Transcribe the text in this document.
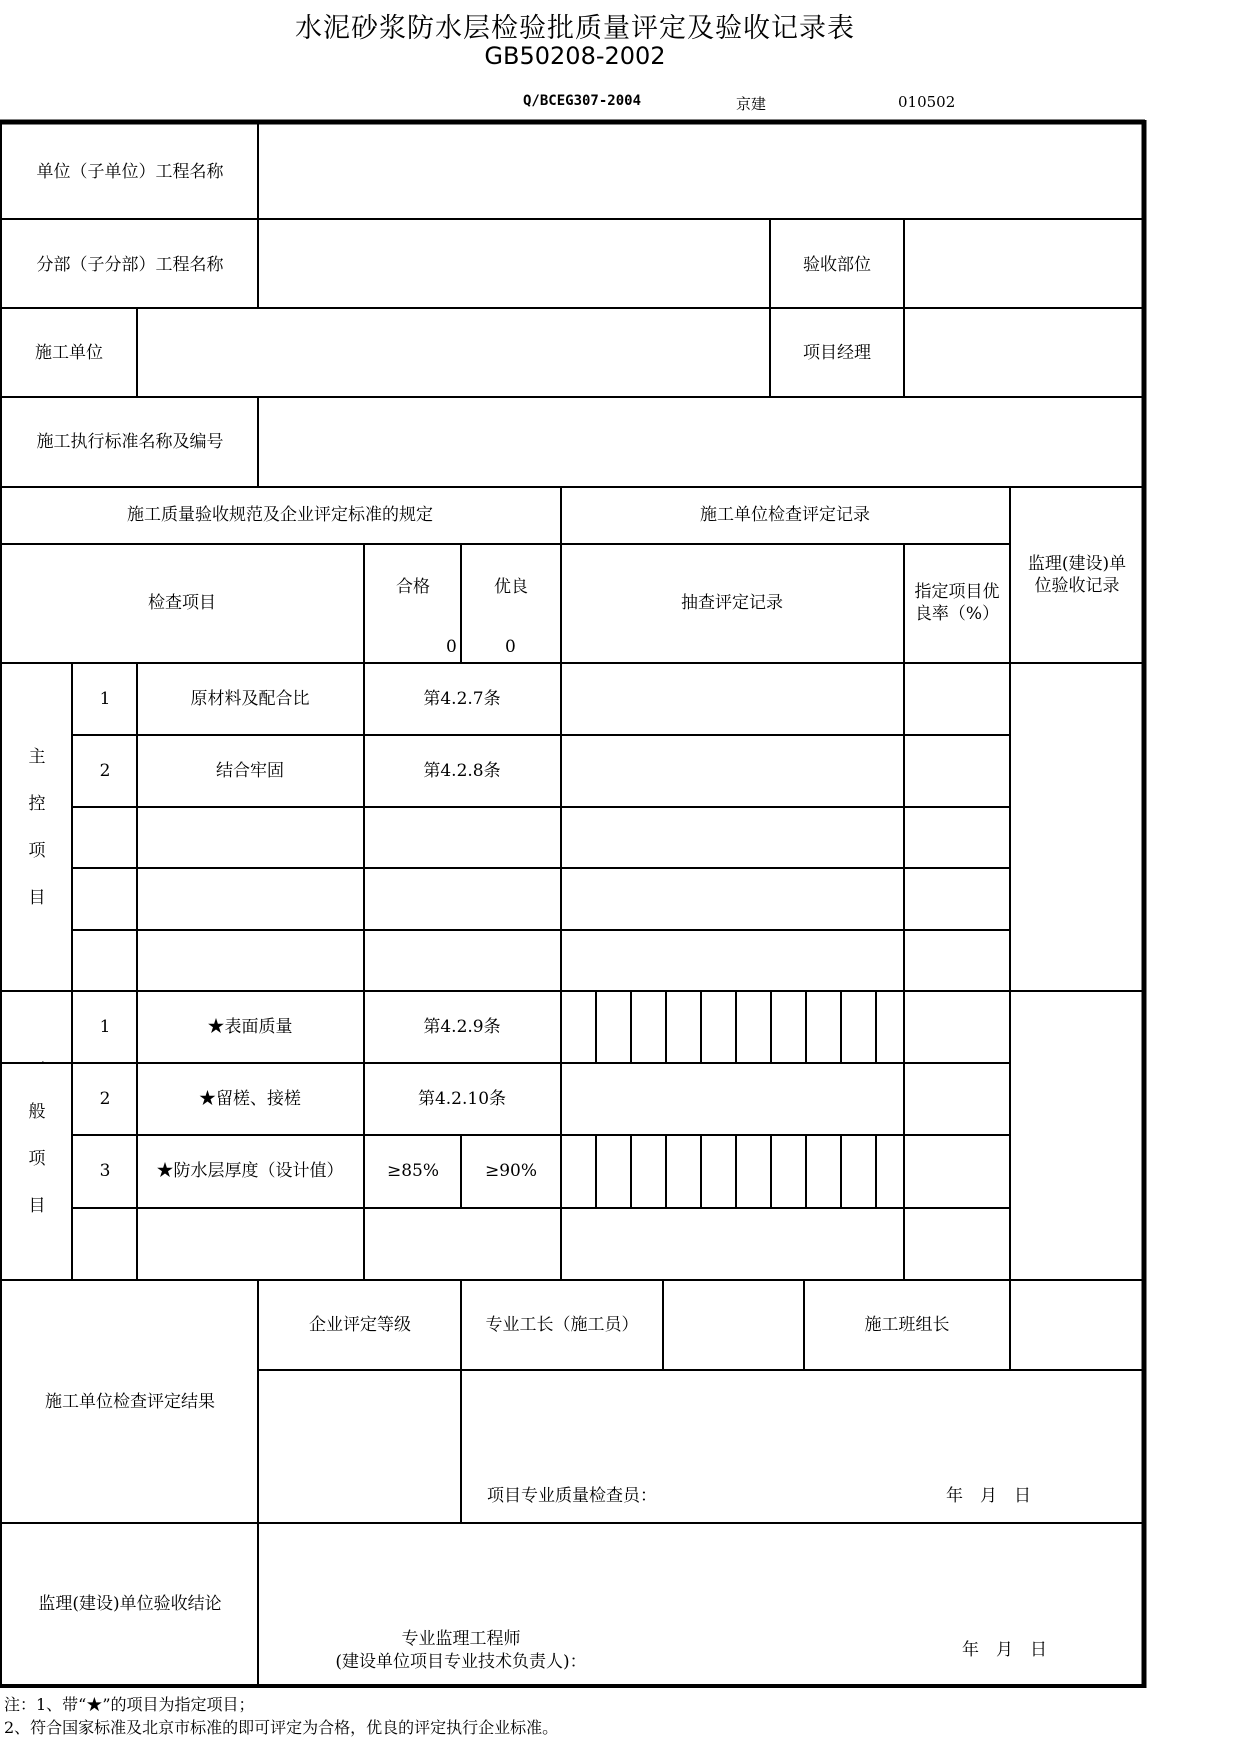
水泥砂浆防水层检验批质量评定及验收记录表
GB50208-2002
Q/BCEG307-2004	京建	010502
单位（子单位）工程名称
分部（子分部）工程名称	验收部位
施工单位	项目经理
施工执行标准名称及编号
施工质量验收规范及企业评定标准的规定	施工单位检查评定记录
监理(建设)单位验收记录
检查项目
合格	优良
0	0
抽查评定记录
指定项目优良率（%）
主
控
项
目
1	原材料及配合比	第4.2.7条
2	结合牢固	第4.2.8条
一
般
项
目
1	★表面质量	第4.2.9条
2	★留槎、接槎	第4.2.10条
3	★防水层厚度（设计值）	≥85%	≥90%
施工单位检查评定结果
企业评定等级	专业工长（施工员）	施工班组长
项目专业质量检查员：	年　月　日
监理(建设)单位验收结论
专业监理工程师
(建设单位项目专业技术负责人)：
年　月　日
注：1、带“★”的项目为指定项目；
2、符合国家标准及北京市标准的即可评定为合格，优良的评定执行企业标准。
